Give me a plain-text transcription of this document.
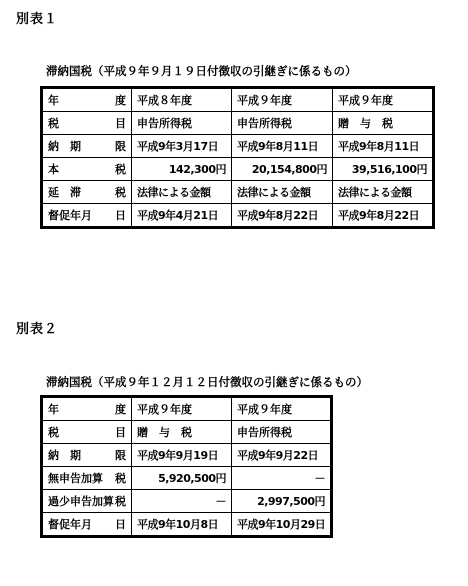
別表１
滞納国税（平成９年９月１９日付徴収の引継ぎに係るもの）
年 度	平成８年度	平成９年度	平成９年度

税 目	申告所得税	申告所得税	贈　与　税

納　期 限	平成9年3月17日	平成9年8月11日	平成9年8月11日

本 税	142,300円	20,154,800円	39,516,100円

延　滞 税	法律による金額	法律による金額	法律による金額

督促年月 日	平成9年4月21日	平成9年8月22日	平成9年8月22日
別表２
滞納国税（平成９年１２月１２日付徴収の引継ぎに係るもの）
年 度	平成９年度	平成９年度

税 目	贈　与　税	申告所得税

納　期 限	平成9年9月19日	平成9年9月22日

無申告加算 税	5,920,500円	－

過少申告加算 税	－	2,997,500円

督促年月 日	平成9年10月8日	平成9年10月29日
